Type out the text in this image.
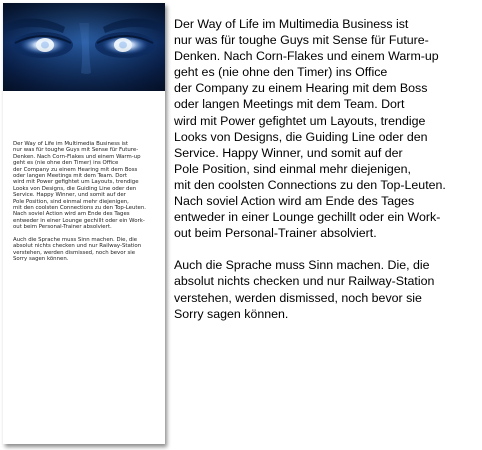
Der Way of Life im Multimedia Business ist
nur was für toughe Guys mit Sense für Future-
Denken. Nach Corn-Flakes und einem Warm-up
geht es (nie ohne den Timer) ins Office
der Company zu einem Hearing mit dem Boss
oder langen Meetings mit dem Team. Dort
wird mit Power gefightet um Layouts, trendige
Looks von Designs, die Guiding Line oder den
Service. Happy Winner, und somit auf der
Pole Position, sind einmal mehr diejenigen,
mit den coolsten Connections zu den Top-Leuten.
Nach soviel Action wird am Ende des Tages
entweder in einer Lounge gechillt oder ein Work-
out beim Personal-Trainer absolviert.

Auch die Sprache muss Sinn machen. Die, die
absolut nichts checken und nur Railway-Station
verstehen, werden dismissed, noch bevor sie
Sorry sagen können.

Der Way of Life im Multimedia Business ist
nur was für toughe Guys mit Sense für Future-
Denken. Nach Corn-Flakes und einem Warm-up
geht es (nie ohne den Timer) ins Office
der Company zu einem Hearing mit dem Boss
oder langen Meetings mit dem Team. Dort
wird mit Power gefightet um Layouts, trendige
Looks von Designs, die Guiding Line oder den
Service. Happy Winner, und somit auf der
Pole Position, sind einmal mehr diejenigen,
mit den coolsten Connections zu den Top-Leuten.
Nach soviel Action wird am Ende des Tages
entweder in einer Lounge gechillt oder ein Work-
out beim Personal-Trainer absolviert.

Auch die Sprache muss Sinn machen. Die, die
absolut nichts checken und nur Railway-Station
verstehen, werden dismissed, noch bevor sie
Sorry sagen können.
